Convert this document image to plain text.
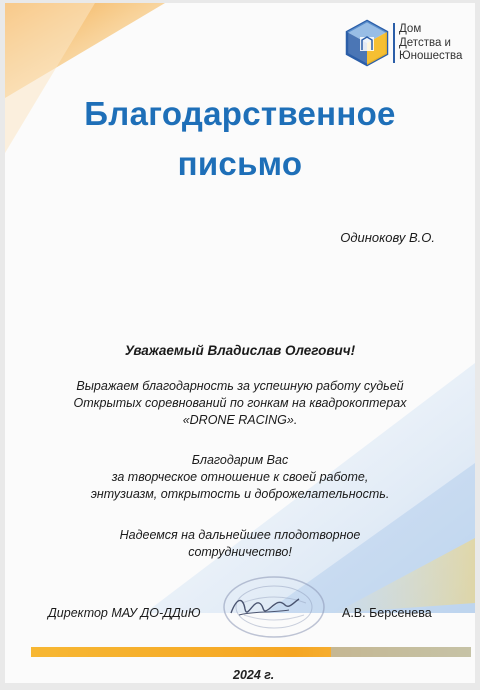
Дом
Детства и
Юношества
Благодарственное
письмо
Одинокову В.О.
Уважаемый Владислав Олегович!
Выражаем благодарность за успешную работу судьей
Открытых соревнований по гонкам на квадрокоптерах
«DRONE RACING».
Благодарим Вас
за творческое отношение к своей работе,
энтузиазм, открытость и доброжелательность.
Надеемся на дальнейшее плодотворное
сотрудничество!
Директор МАУ ДО-ДДиЮ	А.В. Берсенева
2024 г.
